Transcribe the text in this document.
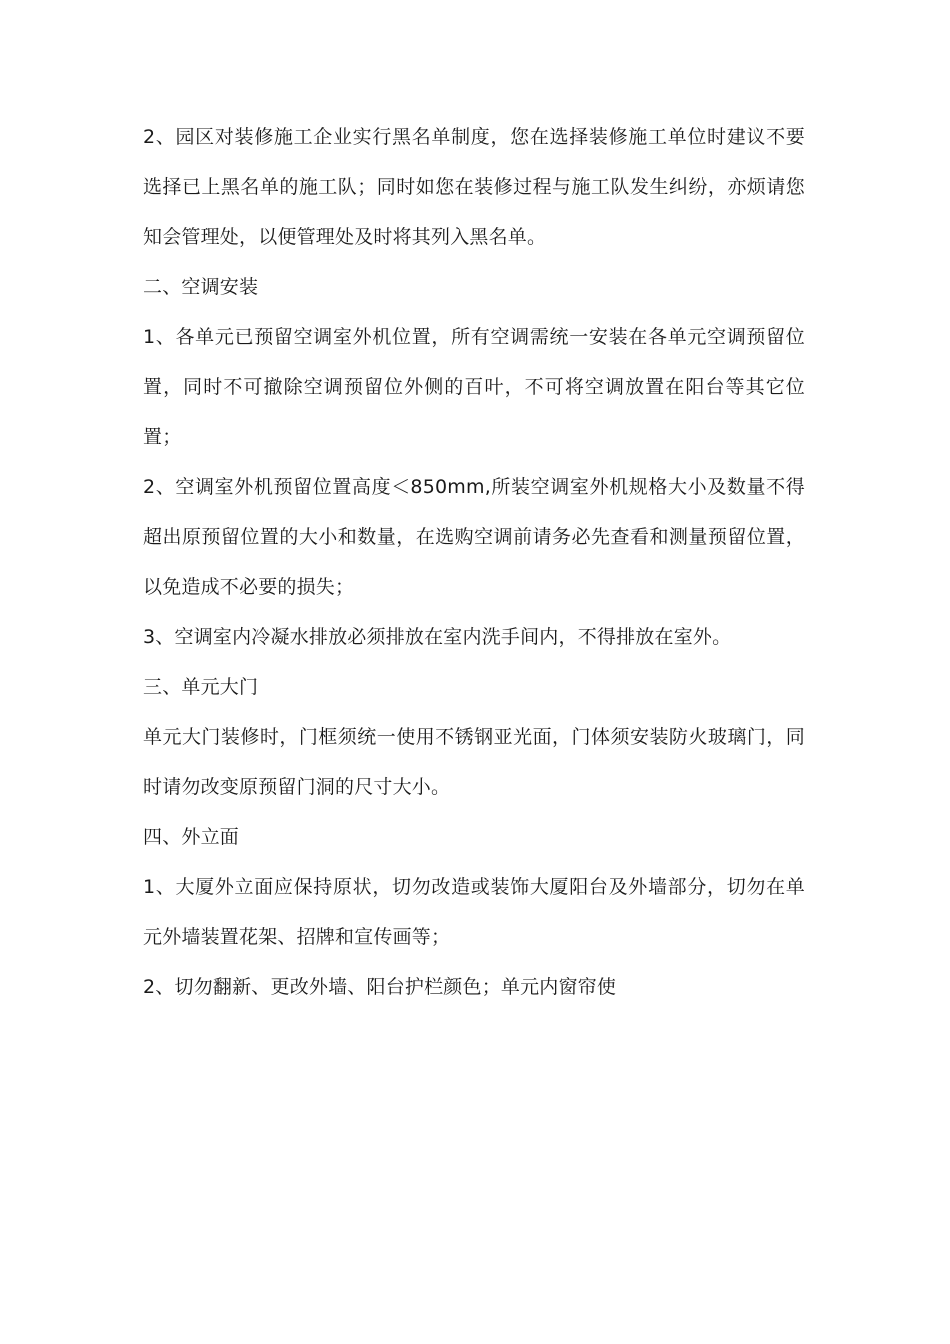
2、园区对装修施工企业实行黑名单制度，您在选择装修施工单位时建议不要选择已上黑名单的施工队；同时如您在装修过程与施工队发生纠纷，亦烦请您知会管理处，以便管理处及时将其列入黑名单。

二、空调安装

1、各单元已预留空调室外机位置，所有空调需统一安装在各单元空调预留位置，同时不可撤除空调预留位外侧的百叶，不可将空调放置在阳台等其它位置；

2、空调室外机预留位置高度＜850mm,所装空调室外机规格大小及数量不得超出原预留位置的大小和数量，在选购空调前请务必先查看和测量预留位置，以免造成不必要的损失；

3、空调室内冷凝水排放必须排放在室内洗手间内，不得排放在室外。

三、单元大门

单元大门装修时，门框须统一使用不锈钢亚光面，门体须安装防火玻璃门，同时请勿改变原预留门洞的尺寸大小。

四、外立面

1、大厦外立面应保持原状，切勿改造或装饰大厦阳台及外墙部分，切勿在单元外墙装置花架、招牌和宣传画等；

2、切勿翻新、更改外墙、阳台护栏颜色；单元内窗帘使
